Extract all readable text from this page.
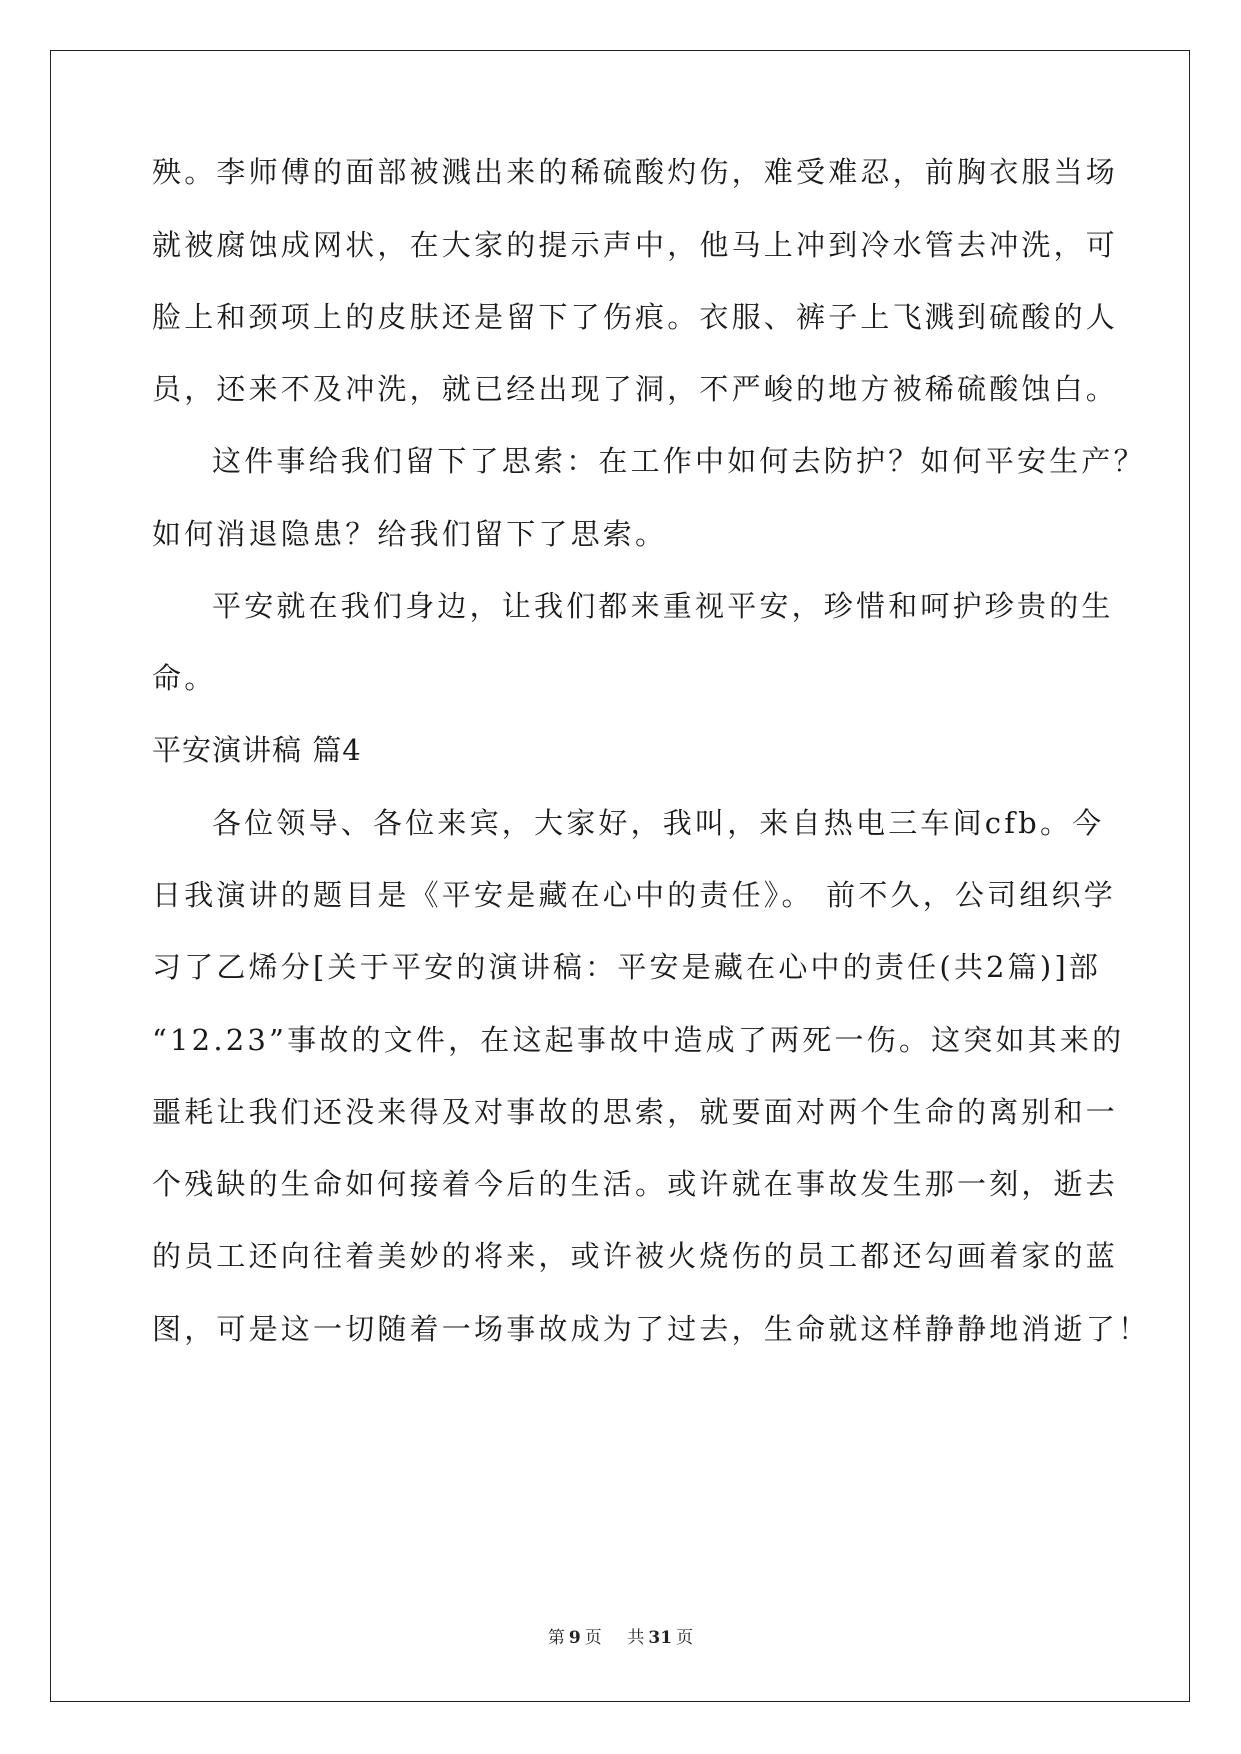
殃。李师傅的面部被溅出来的稀硫酸灼伤，难受难忍，前胸衣服当场
就被腐蚀成网状，在大家的提示声中，他马上冲到冷水管去冲洗，可
脸上和颈项上的皮肤还是留下了伤痕。衣服、裤子上飞溅到硫酸的人
员，还来不及冲洗，就已经出现了洞，不严峻的地方被稀硫酸蚀白。
这件事给我们留下了思索：在工作中如何去防护？如何平安生产？
如何消退隐患？给我们留下了思索。
平安就在我们身边，让我们都来重视平安，珍惜和呵护珍贵的生
命。
平安演讲稿 篇4
各位领导、各位来宾，大家好，我叫，来自热电三车间cfb。今
日我演讲的题目是《平安是藏在心中的责任》。 前不久，公司组织学
习了乙烯分[关于平安的演讲稿：平安是藏在心中的责任(共2篇)]部
“12.23”事故的文件，在这起事故中造成了两死一伤。这突如其来的
噩耗让我们还没来得及对事故的思索，就要面对两个生命的离别和一
个残缺的生命如何接着今后的生活。或许就在事故发生那一刻，逝去
的员工还向往着美妙的将来，或许被火烧伤的员工都还勾画着家的蓝
图，可是这一切随着一场事故成为了过去，生命就这样静静地消逝了！
第 9 页 共 31 页
